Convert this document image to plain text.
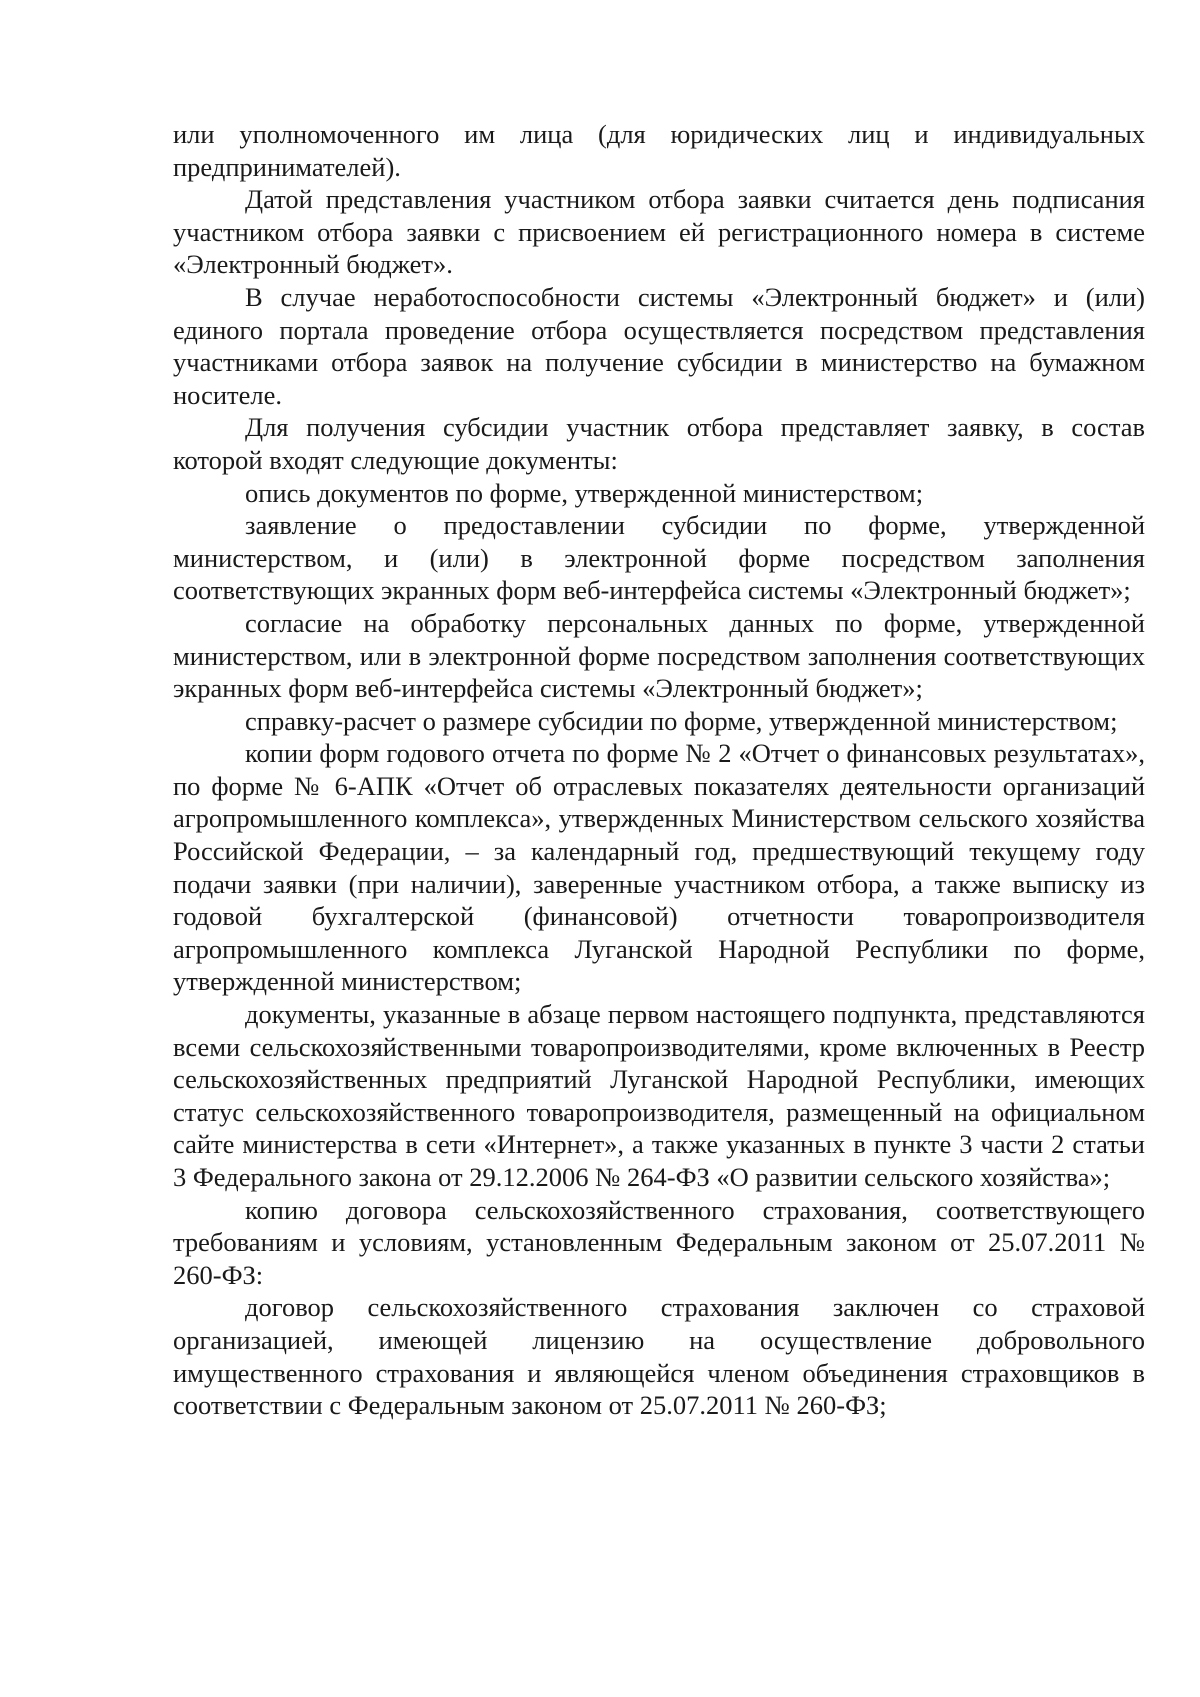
или уполномоченного им лица (для юридических лиц и индивидуальных предпринимателей).

Датой представления участником отбора заявки считается день подписания участником отбора заявки с присвоением ей регистрационного номера в системе «Электронный бюджет».

В случае неработоспособности системы «Электронный бюджет» и (или) единого портала проведение отбора осуществляется посредством представления участниками отбора заявок на получение субсидии в министерство на бумажном носителе.

Для получения субсидии участник отбора представляет заявку, в состав которой входят следующие документы:

опись документов по форме, утвержденной министерством;

заявление о предоставлении субсидии по форме, утвержденной министерством, и (или) в электронной форме посредством заполнения соответствующих экранных форм веб-интерфейса системы «Электронный бюджет»;

согласие на обработку персональных данных по форме, утвержденной министерством, или в электронной форме посредством заполнения соответствующих экранных форм веб-интерфейса системы «Электронный бюджет»;

справку-расчет о размере субсидии по форме, утвержденной министерством;

копии форм годового отчета по форме № 2 «Отчет о финансовых результатах», по форме № 6-АПК «Отчет об отраслевых показателях деятельности организаций агропромышленного комплекса», утвержденных Министерством сельского хозяйства Российской Федерации, – за календарный год, предшествующий текущему году подачи заявки (при наличии), заверенные участником отбора, а также выписку из годовой бухгалтерской (финансовой) отчетности товаропроизводителя агропромышленного комплекса Луганской Народной Республики по форме, утвержденной министерством;

документы, указанные в абзаце первом настоящего подпункта, представляются всеми сельскохозяйственными товаропроизводителями, кроме включенных в Реестр сельскохозяйственных предприятий Луганской Народной Республики, имеющих статус сельскохозяйственного товаропроизводителя, размещенный на официальном сайте министерства в сети «Интернет», а также указанных в пункте 3 части 2 статьи 3 Федерального закона от 29.12.2006 № 264-ФЗ «О развитии сельского хозяйства»;

копию договора сельскохозяйственного страхования, соответствующего требованиям и условиям, установленным Федеральным законом от 25.07.2011 № 260-ФЗ:

договор сельскохозяйственного страхования заключен со страховой организацией, имеющей лицензию на осуществление добровольного имущественного страхования и являющейся членом объединения страховщиков в соответствии с Федеральным законом от 25.07.2011 № 260-ФЗ;
